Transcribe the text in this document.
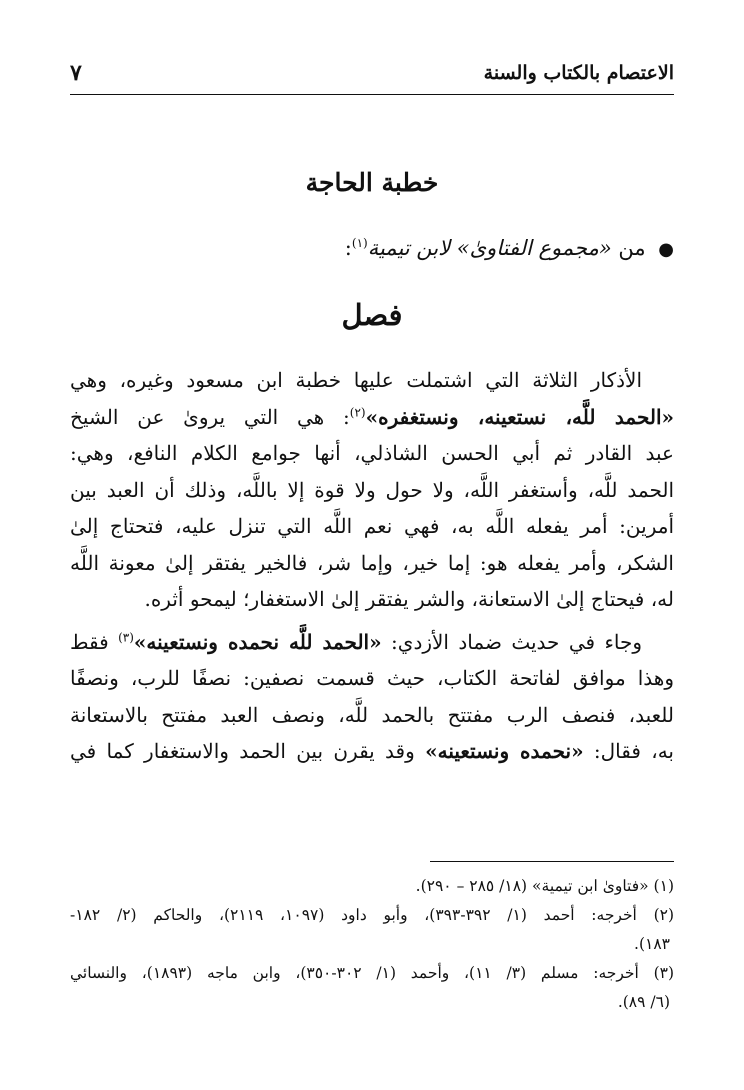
الاعتصام بالكتاب والسنة
٧
خطبة الحاجة
● من «مجموع الفتاوىٰ» لابن تيمية$^{(١)}$:
فصل
الأذكار الثلاثة التي اشتملت عليها خطبة ابن مسعود وغيره، وهي
«الحمد للَّه، نستعينه، ونستغفره»$^{(٢)}$: هي التي يروىٰ عن الشيخ
عبد القادر ثم أبي الحسن الشاذلي، أنها جوامع الكلام النافع، وهي:
الحمد للَّه، وأستغفر اللَّه، ولا حول ولا قوة إلا باللَّه، وذلك أن العبد بين
أمرين: أمر يفعله اللَّه به، فهي نعم اللَّه التي تنزل عليه، فتحتاج إلىٰ
الشكر، وأمر يفعله هو: إما خير، وإما شر، فالخير يفتقر إلىٰ معونة اللَّه
له، فيحتاج إلىٰ الاستعانة، والشر يفتقر إلىٰ الاستغفار؛ ليمحو أثره.
وجاء في حديث ضماد الأزدي: «الحمد للَّه نحمده ونستعينه»$^{(٣)}$ فقط
وهذا موافق لفاتحة الكتاب، حيث قسمت نصفين: نصفًا للرب، ونصفًا
للعبد، فنصف الرب مفتتح بالحمد للَّه، ونصف العبد مفتتح بالاستعانة
به، فقال: «نحمده ونستعينه» وقد يقرن بين الحمد والاستغفار كما في
(١) «فتاوىٰ ابن تيمية» (١٨/ ٢٨٥ – ٢٩٠).
(٢) أخرجه: أحمد (١/ ٣٩٢-٣٩٣)، وأبو داود (١٠٩٧، ٢١١٩)، والحاكم (٢/ ١٨٢-
١٨٣).
(٣) أخرجه: مسلم (٣/ ١١)، وأحمد (١/ ٣٠٢-٣٥٠)، وابن ماجه (١٨٩٣)، والنسائي
(٦/ ٨٩).
